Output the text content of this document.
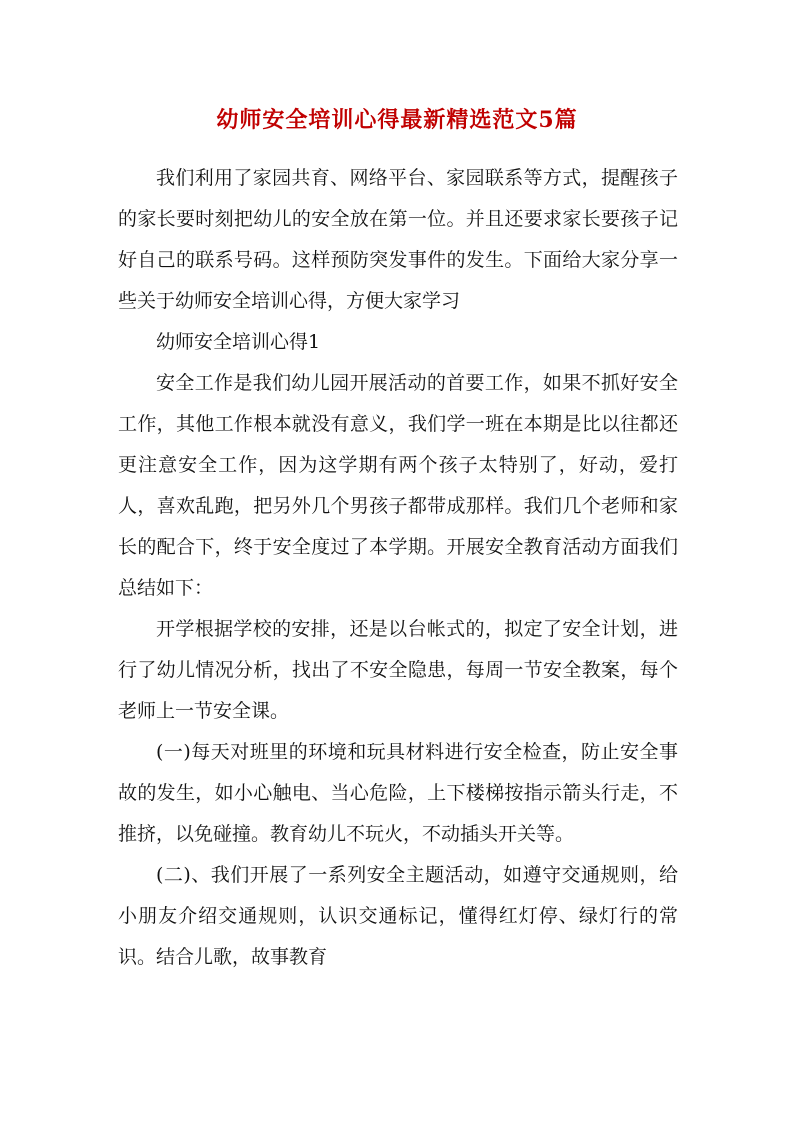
幼师安全培训心得最新精选范文5篇

我们利用了家园共育、网络平台、家园联系等方式，提醒孩子的家长要时刻把幼儿的安全放在第一位。并且还要求家长要孩子记好自己的联系号码。这样预防突发事件的发生。下面给大家分享一些关于幼师安全培训心得，方便大家学习

幼师安全培训心得1

安全工作是我们幼儿园开展活动的首要工作，如果不抓好安全工作，其他工作根本就没有意义，我们学一班在本期是比以往都还更注意安全工作，因为这学期有两个孩子太特别了，好动，爱打人，喜欢乱跑，把另外几个男孩子都带成那样。我们几个老师和家长的配合下，终于安全度过了本学期。开展安全教育活动方面我们总结如下：

开学根据学校的安排，还是以台帐式的，拟定了安全计划，进行了幼儿情况分析，找出了不安全隐患，每周一节安全教案，每个老师上一节安全课。

(一)每天对班里的环境和玩具材料进行安全检查，防止安全事故的发生，如小心触电、当心危险，上下楼梯按指示箭头行走，不推挤，以免碰撞。教育幼儿不玩火，不动插头开关等。

(二)、我们开展了一系列安全主题活动，如遵守交通规则，给小朋友介绍交通规则，认识交通标记，懂得红灯停、绿灯行的常识。结合儿歌，故事教育
